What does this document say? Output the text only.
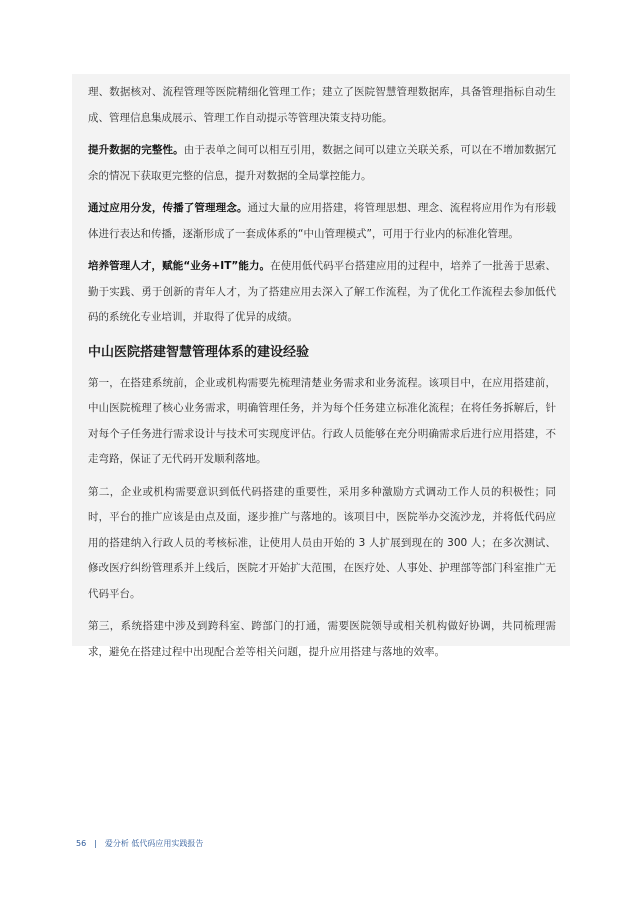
理、数据核对、流程管理等医院精细化管理工作；建立了医院智慧管理数据库，具备管理指标自动生成、管理信息集成展示、管理工作自动提示等管理决策支持功能。

提升数据的完整性。由于表单之间可以相互引用，数据之间可以建立关联关系，可以在不增加数据冗余的情况下获取更完整的信息，提升对数据的全局掌控能力。

通过应用分发，传播了管理理念。通过大量的应用搭建，将管理思想、理念、流程将应用作为有形载体进行表达和传播，逐渐形成了一套成体系的“中山管理模式”，可用于行业内的标准化管理。

培养管理人才，赋能“业务+IT”能力。在使用低代码平台搭建应用的过程中，培养了一批善于思索、勤于实践、勇于创新的青年人才，为了搭建应用去深入了解工作流程，为了优化工作流程去参加低代码的系统化专业培训，并取得了优异的成绩。

中山医院搭建智慧管理体系的建设经验

第一，在搭建系统前，企业或机构需要先梳理清楚业务需求和业务流程。该项目中，在应用搭建前，中山医院梳理了核心业务需求，明确管理任务，并为每个任务建立标准化流程；在将任务拆解后，针对每个子任务进行需求设计与技术可实现度评估。行政人员能够在充分明确需求后进行应用搭建，不走弯路，保证了无代码开发顺利落地。

第二，企业或机构需要意识到低代码搭建的重要性，采用多种激励方式调动工作人员的积极性；同时，平台的推广应该是由点及面，逐步推广与落地的。该项目中，医院举办交流沙龙，并将低代码应用的搭建纳入行政人员的考核标准，让使用人员由开始的 3 人扩展到现在的 300 人；在多次测试、修改医疗纠纷管理系并上线后，医院才开始扩大范围，在医疗处、人事处、护理部等部门科室推广无代码平台。

第三，系统搭建中涉及到跨科室、跨部门的打通，需要医院领导或相关机构做好协调，共同梳理需求，避免在搭建过程中出现配合差等相关问题，提升应用搭建与落地的效率。

56 | 爱分析 低代码应用实践报告
